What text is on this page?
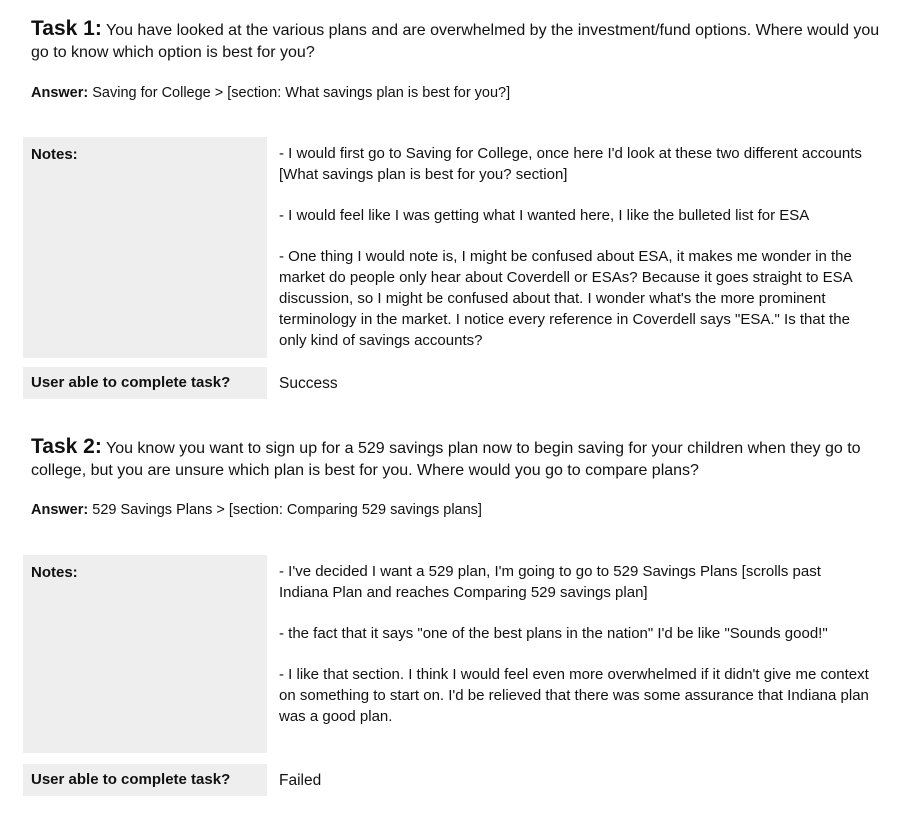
Task 1: You have looked at the various plans and are overwhelmed by the investment/fund options. Where would you go to know which option is best for you?
Answer: Saving for College > [section: What savings plan is best for you?]
Notes:	- I would first go to Saving for College, once here I'd look at these two different accounts [What savings plan is best for you? section]

- I would feel like I was getting what I wanted here, I like the bulleted list for ESA

- One thing I would note is, I might be confused about ESA, it makes me wonder in the market do people only hear about Coverdell or ESAs? Because it goes straight to ESA discussion, so I might be confused about that. I wonder what's the more prominent terminology in the market. I notice every reference in Coverdell says "ESA." Is that the only kind of savings accounts?

User able to complete task?	Success
Task 2: You know you want to sign up for a 529 savings plan now to begin saving for your children when they go to college, but you are unsure which plan is best for you. Where would you go to compare plans?
Answer: 529 Savings Plans > [section: Comparing 529 savings plans]
Notes:	- I've decided I want a 529 plan, I'm going to go to 529 Savings Plans [scrolls past Indiana Plan and reaches Comparing 529 savings plan]

- the fact that it says "one of the best plans in the nation" I'd be like "Sounds good!"

- I like that section. I think I would feel even more overwhelmed if it didn't give me context on something to start on. I'd be relieved that there was some assurance that Indiana plan was a good plan.

User able to complete task?	Failed
